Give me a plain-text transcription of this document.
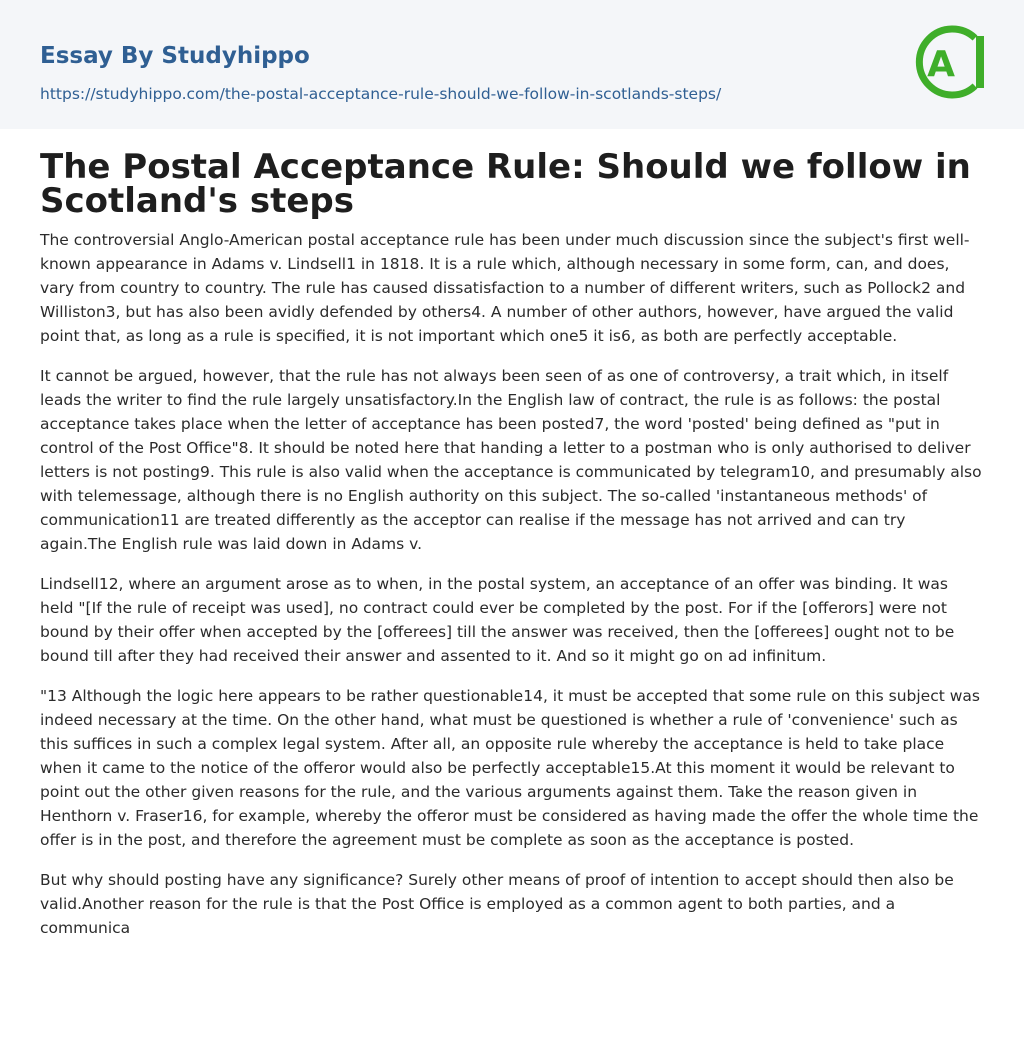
Essay By Studyhippo
https://studyhippo.com/the-postal-acceptance-rule-should-we-follow-in-scotlands-steps/
A
The Postal Acceptance Rule: Should we follow in Scotland's steps

The controversial Anglo-American postal acceptance rule has been under much discussion since the subject's first well-known appearance in Adams v. Lindsell1 in 1818. It is a rule which, although necessary in some form, can, and does, vary from country to country. The rule has caused dissatisfaction to a number of different writers, such as Pollock2 and Williston3, but has also been avidly defended by others4. A number of other authors, however, have argued the valid point that, as long as a rule is specified, it is not important which one5 it is6, as both are perfectly acceptable.

It cannot be argued, however, that the rule has not always been seen of as one of controversy, a trait which, in itself leads the writer to find the rule largely unsatisfactory.In the English law of contract, the rule is as follows: the postal acceptance takes place when the letter of acceptance has been posted7, the word 'posted' being defined as "put in control of the Post Office"8. It should be noted here that handing a letter to a postman who is only authorised to deliver letters is not posting9. This rule is also valid when the acceptance is communicated by telegram10, and presumably also with telemessage, although there is no English authority on this subject. The so-called 'instantaneous methods' of communication11 are treated differently as the acceptor can realise if the message has not arrived and can try again.The English rule was laid down in Adams v.

Lindsell12, where an argument arose as to when, in the postal system, an acceptance of an offer was binding. It was held "[If the rule of receipt was used], no contract could ever be completed by the post. For if the [offerors] were not bound by their offer when accepted by the [offerees] till the answer was received, then the [offerees] ought not to be bound till after they had received their answer and assented to it. And so it might go on ad infinitum.

"13 Although the logic here appears to be rather questionable14, it must be accepted that some rule on this subject was indeed necessary at the time. On the other hand, what must be questioned is whether a rule of 'convenience' such as this suffices in such a complex legal system. After all, an opposite rule whereby the acceptance is held to take place when it came to the notice of the offeror would also be perfectly acceptable15.At this moment it would be relevant to point out the other given reasons for the rule, and the various arguments against them. Take the reason given in Henthorn v. Fraser16, for example, whereby the offeror must be considered as having made the offer the whole time the offer is in the post, and therefore the agreement must be complete as soon as the acceptance is posted.

But why should posting have any significance? Surely other means of proof of intention to accept should then also be valid.Another reason for the rule is that the Post Office is employed as a common agent to both parties, and a communica
